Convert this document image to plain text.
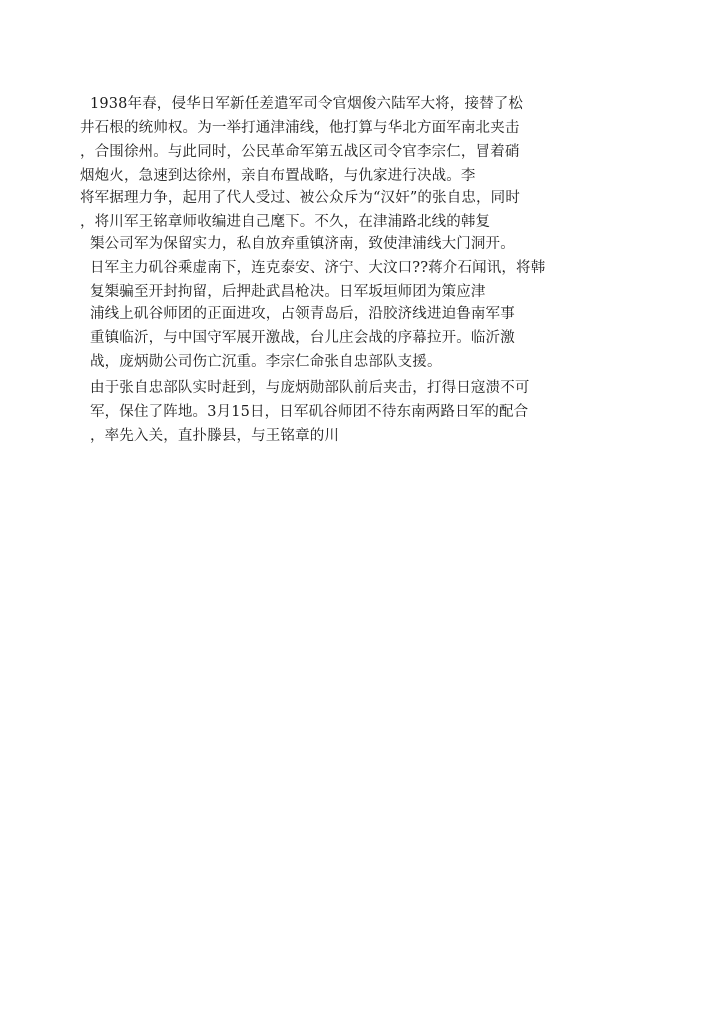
1938年春，侵华日军新任差遣军司令官烟俊六陆军大将，接替了松
井石根的统帅权。为一举打通津浦线，他打算与华北方面军南北夹击
，合围徐州。与此同时，公民革命军第五战区司令官李宗仁，冒着硝
烟炮火，急速到达徐州，亲自布置战略，与仇家进行决战。李
将军据理力争，起用了代人受过、被公众斥为“汉奸”的张自忠，同时
，将川军王铭章师收编进自己麾下。不久，在津浦路北线的韩复
榘公司军为保留实力，私自放弃重镇济南，致使津浦线大门洞开。
日军主力矶谷乘虚南下，连克泰安、济宁、大汶口??蒋介石闻讯，将韩
复榘骗至开封拘留，后押赴武昌枪决。日军坂垣师团为策应津
浦线上矶谷师团的正面进攻，占领青岛后，沿胶济线进迫鲁南军事
重镇临沂，与中国守军展开激战，台儿庄会战的序幕拉开。临沂激
战，庞炳勋公司伤亡沉重。李宗仁命张自忠部队支援。
由于张自忠部队实时赶到，与庞炳勋部队前后夹击，打得日寇溃不可
军，保住了阵地。3月15日，日军矶谷师团不待东南两路日军的配合
，率先入关，直扑滕县，与王铭章的川
